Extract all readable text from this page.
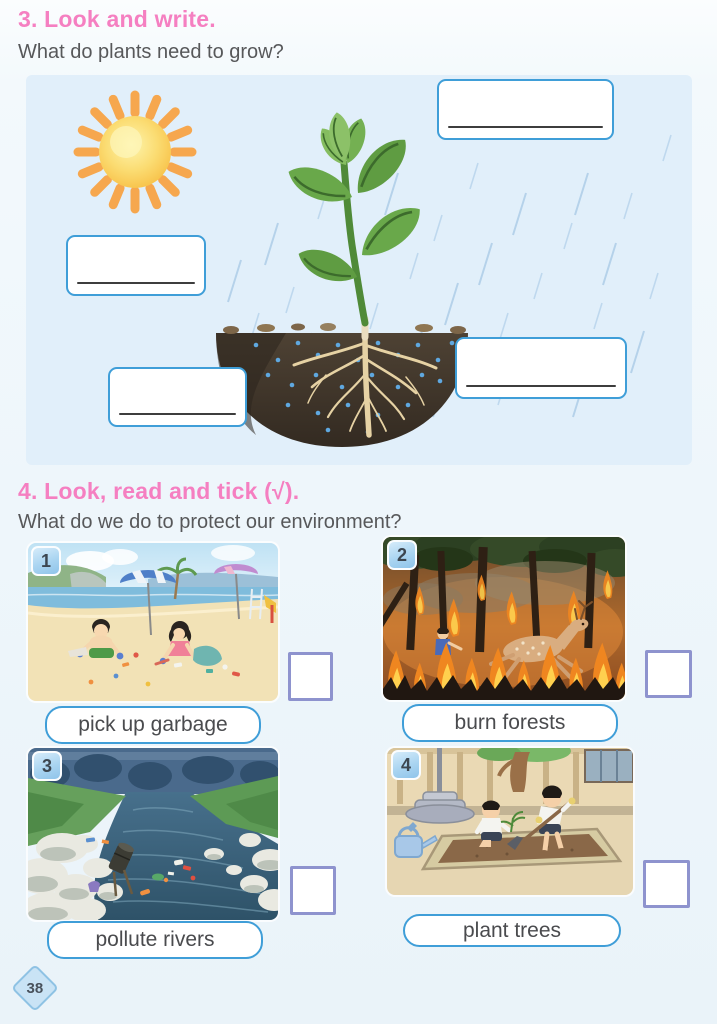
3. Look and write.
What do plants need to grow?
4. Look, read and tick (√).
What do we do to protect our environment?
1
pick up garbage
2
burn forests
3
pollute rivers
4
plant trees
38
